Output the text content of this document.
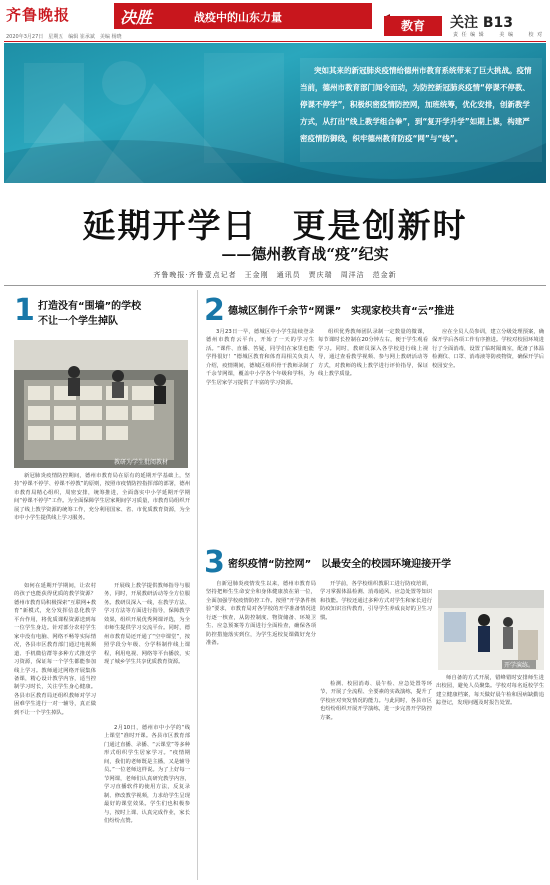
齐鲁晚报	决胜	战疫中的山东力量
教育	关注 B13
责 任 编 辑　　 美 编　　 校 对
2020年3月27日　星期五　编辑 崔承斌　美编 杨晓　
突如其来的新冠肺炎疫情给德州市教育系统带来了巨大挑战。疫情当前，德州市教育部门闻令而动，为防控新冠肺炎疫情“停课不停教、停课不停学”，积极织密疫情防控网，加班统筹，优化安排，创新教学方式，从打出“线上教学组合拳”，到“复开学升学”如期上课，构建严密疫情防御线，织牢德州教育防疫“网”与“线”。
延期开学日　更是创新时
——德州教育战“疫”纪实
齐鲁晚报·齐鲁壹点记者　王金刚　通讯员　贾庆瑞　周洋洁　范金新
1 打造没有“围墙”的学校
不让一个学生掉队
教研为学生批阅教材
新冠肺炎疫情防控期间，德州市教育局在原有的延期开学基础上，坚持“停课不停学、停课不停教”的原则，按照市疫情防控指挥部的部署，德州市教育局精心组织，周密安排，统筹推进，全面落实中小学延期开学期间“停课不停学”工作。为全面保障学生居家期间学习质量，市教育局组织开展了线上教学资源的统筹工作，充分利用国家、省、市优质教育资源，为全市中小学生提供线上学习服务。
如何在延期开学期间，让农村的孩子也能获得优质的教学资源？德州市教育局积极探索“互联网+教育”新模式，充分发挥信息化教学平台作用，将优质课程资源送到每一位学生身边。针对部分农村学生家中没有电脑、网络不畅等实际情况，各县市区教育部门通过电视频道、手机微信群等多种方式推送学习资源，保证每一个学生都能参加线上学习。教师通过网络开展集体备课，精心设计教学内容，适当控制学习时长，关注学生身心健康。各县市区教育局还组织教师对学习困难学生进行一对一辅导，真正做到不让一个学生掉队。
开展线上教学提供教师指导与服务，同时，开展教研活动等全方位服务。教研员深入一线，在教学方法、学习方法等方面进行指导，保障教学效果，组织开展优秀网课评选，为全市师生提供学习交流平台。同时，德州市教育局还开通了“空中课堂”，按照学段分年级、分学科制作线上课程，利用电视、网络等平台播放，实现了城乡学生共享优质教育资源。
2月10日，德州市中小学的“线上课堂”准时开课。各县市区教育部门通过直播、录播、“云课堂”等多种形式组织学生居家学习。“疫情期间，我们的老师既是主播，又是辅导员。”一位老师这样说。为了上好每一节网课，老师们认真研究教学内容，学习直播软件的使用方法，反复录制、修改教学视频，力求给学生呈现最好的课堂效果。学生们也积极参与，按时上课、认真完成作业，家长们纷纷点赞。
2 德城区制作千余节“网课”　实现家校共育“云”推进
3月23日一早，德城区中小学生陆续登录德州市教育云平台，开始了一天的学习生活。“课件、直播、答疑，同学们在家里也能学得很好！”德城区教育和体育局相关负责人介绍，疫情期间，德城区组织骨干教师录制了千余节网课，覆盖中小学各个年级和学科，为学生居家学习提供了丰富的学习资源。
组织优秀教师团队录制一定数量的微课，每节课时长控制在20分钟左右，便于学生观看学习。同时，教研员深入各学校进行线上视导，通过查看教学视频、参与网上教研活动等方式，对教师的线上教学进行评价指导，保证线上教学质量。
应在全员人员参训，建立分级处理预案，确保开学后各项工作有序推进。学校对校园环境进行了全面消毒，设置了临时隔离室，配备了体温检测仪、口罩、消毒液等防疫物资，确保开学后校园安全。
3 密织疫情“防控网”　以最安全的校园环境迎接开学
自新冠肺炎疫情发生以来，德州市教育局坚持把师生生命安全和身体健康放在第一位，全面加强学校疫情防控工作。按照“开学条件核验”要求，市教育局对各学校的开学准备情况进行逐一核查，从防控制度、物资储备、环境卫生、应急预案等方面进行全面检查，确保各项防控措施落实到位，为学生返校复课做好充分准备。
开学前，各学校组织教职工进行防疫培训，学习掌握体温检测、消毒通风、应急处置等知识和技能。学校还通过多种方式对学生和家长进行防疫知识宣传教育，引导学生养成良好的卫生习惯。
开学演练。
检测、校园消毒、晨午检、应急处置等环节，开展了全流程、全要素的实战演练，提升了学校应对突发情况的能力。与此同时，各县市区也纷纷组织开展开学演练，进一步完善开学防控方案。
师自备的方式开展，错峰错时安排师生进出校园，避免人员聚集。学校对每名返校学生建立健康档案，每天做好晨午检和因病缺勤追踪登记，发现问题及时报告处置。
